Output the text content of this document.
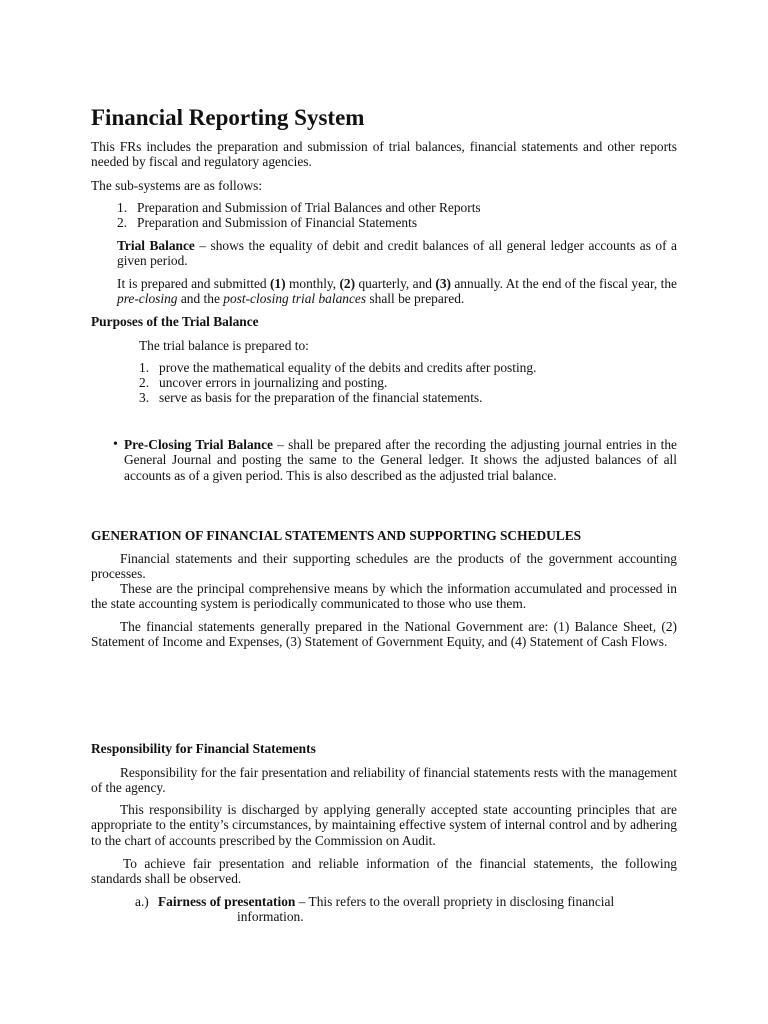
Financial Reporting System
This FRs includes the preparation and submission of trial balances, financial statements and other reports needed by fiscal and regulatory agencies.
The sub-systems are as follows:
1. Preparation and Submission of Trial Balances and other Reports
2. Preparation and Submission of Financial Statements
Trial Balance – shows the equality of debit and credit balances of all general ledger accounts as of a given period.
It is prepared and submitted (1) monthly, (2) quarterly, and (3) annually. At the end of the fiscal year, the pre-closing and the post-closing trial balances shall be prepared.
Purposes of the Trial Balance
The trial balance is prepared to:
1. prove the mathematical equality of the debits and credits after posting.
2. uncover errors in journalizing and posting.
3. serve as basis for the preparation of the financial statements.
• Pre-Closing Trial Balance – shall be prepared after the recording the adjusting journal entries in the General Journal and posting the same to the General ledger. It shows the adjusted balances of all accounts as of a given period. This is also described as the adjusted trial balance.
GENERATION OF FINANCIAL STATEMENTS AND SUPPORTING SCHEDULES
Financial statements and their supporting schedules are the products of the government accounting processes.
These are the principal comprehensive means by which the information accumulated and processed in the state accounting system is periodically communicated to those who use them.
The financial statements generally prepared in the National Government are: (1) Balance Sheet, (2) Statement of Income and Expenses, (3) Statement of Government Equity, and (4) Statement of Cash Flows.
Responsibility for Financial Statements
Responsibility for the fair presentation and reliability of financial statements rests with the management of the agency.
This responsibility is discharged by applying generally accepted state accounting principles that are appropriate to the entity’s circumstances, by maintaining effective system of internal control and by adhering to the chart of accounts prescribed by the Commission on Audit.
To achieve fair presentation and reliable information of the financial statements, the following standards shall be observed.
a.) Fairness of presentation – This refers to the overall propriety in disclosing financial
information.
